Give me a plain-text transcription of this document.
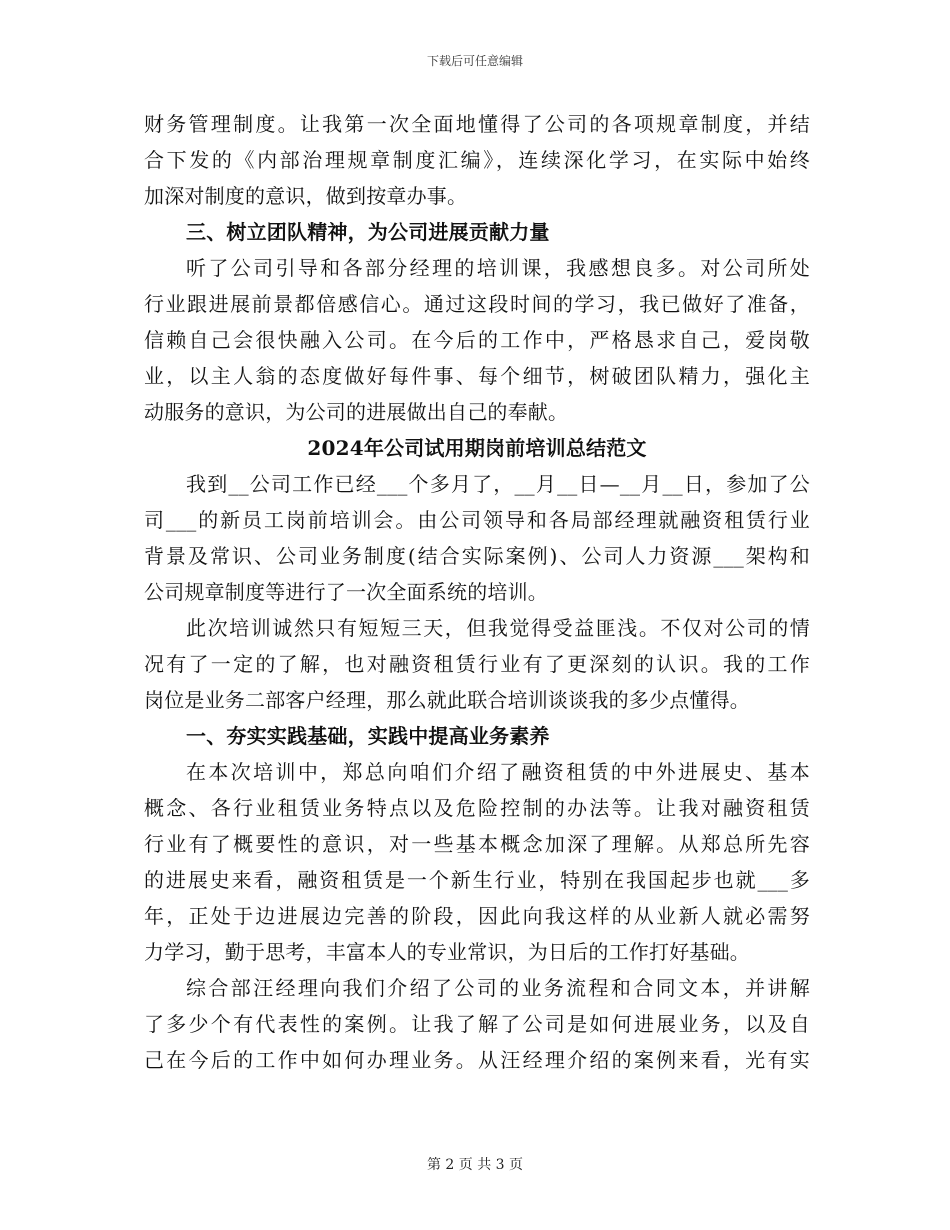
下载后可任意编辑
财务管理制度。让我第一次全面地懂得了公司的各项规章制度，并结
合下发的《内部治理规章制度汇编》，连续深化学习，在实际中始终
加深对制度的意识，做到按章办事。
三、树立团队精神，为公司进展贡献力量
听了公司引导和各部分经理的培训课，我感想良多。对公司所处
行业跟进展前景都倍感信心。通过这段时间的学习，我已做好了准备，
信赖自己会很快融入公司。在今后的工作中，严格恳求自己，爱岗敬
业，以主人翁的态度做好每件事、每个细节，树破团队精力，强化主
动服务的意识，为公司的进展做出自己的奉献。
2024年公司试用期岗前培训总结范文
我到__公司工作已经___个多月了，__月__日—__月__日，参加了公
司___的新员工岗前培训会。由公司领导和各局部经理就融资租赁行业
背景及常识、公司业务制度(结合实际案例)、公司人力资源___架构和
公司规章制度等进行了一次全面系统的培训。
此次培训诚然只有短短三天，但我觉得受益匪浅。不仅对公司的情
况有了一定的了解，也对融资租赁行业有了更深刻的认识。我的工作
岗位是业务二部客户经理，那么就此联合培训谈谈我的多少点懂得。
一、夯实实践基础，实践中提高业务素养
在本次培训中，郑总向咱们介绍了融资租赁的中外进展史、基本
概念、各行业租赁业务特点以及危险控制的办法等。让我对融资租赁
行业有了概要性的意识，对一些基本概念加深了理解。从郑总所先容
的进展史来看，融资租赁是一个新生行业，特别在我国起步也就___多
年，正处于边进展边完善的阶段，因此向我这样的从业新人就必需努
力学习，勤于思考，丰富本人的专业常识，为日后的工作打好基础。
综合部汪经理向我们介绍了公司的业务流程和合同文本，并讲解
了多少个有代表性的案例。让我了解了公司是如何进展业务，以及自
己在今后的工作中如何办理业务。从汪经理介绍的案例来看，光有实
第 2 页 共 3 页
